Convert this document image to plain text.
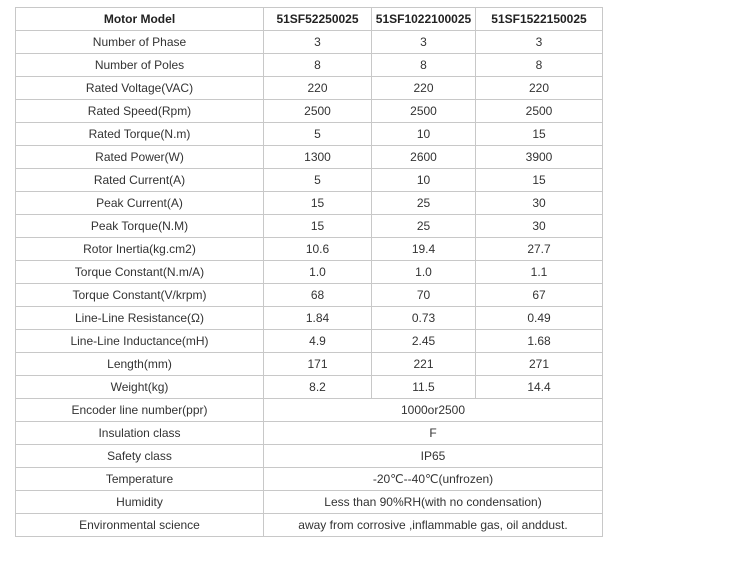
Motor Model	51SF52250025	51SF1022100025	51SF1522150025
Number of Phase	3	3	3
Number of Poles	8	8	8
Rated Voltage(VAC)	220	220	220
Rated Speed(Rpm)	2500	2500	2500
Rated Torque(N.m)	5	10	15
Rated Power(W)	1300	2600	3900
Rated Current(A)	5	10	15
Peak Current(A)	15	25	30
Peak Torque(N.M)	15	25	30
Rotor Inertia(kg.cm2)	10.6	19.4	27.7
Torque Constant(N.m/A)	1.0	1.0	1.1
Torque Constant(V/krpm)	68	70	67
Line-Line Resistance(Ω)	1.84	0.73	0.49
Line-Line Inductance(mH)	4.9	2.45	1.68
Length(mm)	171	221	271
Weight(kg)	8.2	11.5	14.4
Encoder line number(ppr)	1000or2500		
Insulation class	F		
Safety class	IP65		
Temperature	-20℃--40℃(unfrozen)		
Humidity	Less than 90%RH(with no condensation)		
Environmental science	away from corrosive ,inflammable gas, oil anddust.		
